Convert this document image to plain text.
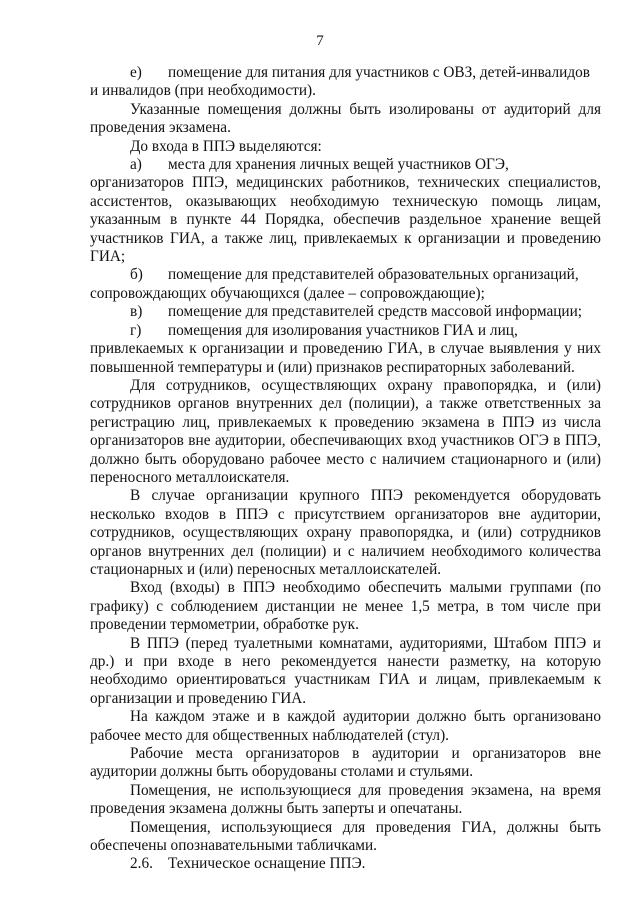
7
е)	помещение для питания для участников с ОВЗ, детей-инвалидов
и инвалидов (при необходимости).
Указанные помещения должны быть изолированы от аудиторий для
проведения экзамена.
До входа в ППЭ выделяются:
а)	места для хранения личных вещей участников ОГЭ,
организаторов ППЭ, медицинских работников, технических специалистов, ассистентов, оказывающих необходимую техническую помощь лицам, указанным в пункте 44 Порядка, обеспечив раздельное хранение вещей участников ГИА, а также лиц, привлекаемых к организации и проведению ГИА;
б)	помещение для представителей образовательных организаций,
сопровождающих обучающихся (далее – сопровождающие);
в)	помещение для представителей средств массовой информации;
г)	помещения для изолирования участников ГИА и лиц,
привлекаемых к организации и проведению ГИА, в случае выявления у них повышенной температуры и (или) признаков респираторных заболеваний.
Для сотрудников, осуществляющих охрану правопорядка, и (или) сотрудников органов внутренних дел (полиции), а также ответственных за регистрацию лиц, привлекаемых к проведению экзамена в ППЭ из числа организаторов вне аудитории, обеспечивающих вход участников ОГЭ в ППЭ, должно быть оборудовано рабочее место с наличием стационарного и (или) переносного металлоискателя.
В случае организации крупного ППЭ рекомендуется оборудовать несколько входов в ППЭ с присутствием организаторов вне аудитории, сотрудников, осуществляющих охрану правопорядка, и (или) сотрудников органов внутренних дел (полиции) и с наличием необходимого количества стационарных и (или) переносных металлоискателей.
Вход (входы) в ППЭ необходимо обеспечить малыми группами (по графику) с соблюдением дистанции не менее 1,5 метра, в том числе при проведении термометрии, обработке рук.
В ППЭ (перед туалетными комнатами, аудиториями, Штабом ППЭ и др.) и при входе в него рекомендуется нанести разметку, на которую необходимо ориентироваться участникам ГИА и лицам, привлекаемым к организации и проведению ГИА.
На каждом этаже и в каждой аудитории должно быть организовано рабочее место для общественных наблюдателей (стул).
Рабочие места организаторов в аудитории и организаторов вне аудитории должны быть оборудованы столами и стульями.
Помещения, не использующиеся для проведения экзамена, на время проведения экзамена должны быть заперты и опечатаны.
Помещения, использующиеся для проведения ГИА, должны быть обеспечены опознавательными табличками.
2.6. Техническое оснащение ППЭ.
